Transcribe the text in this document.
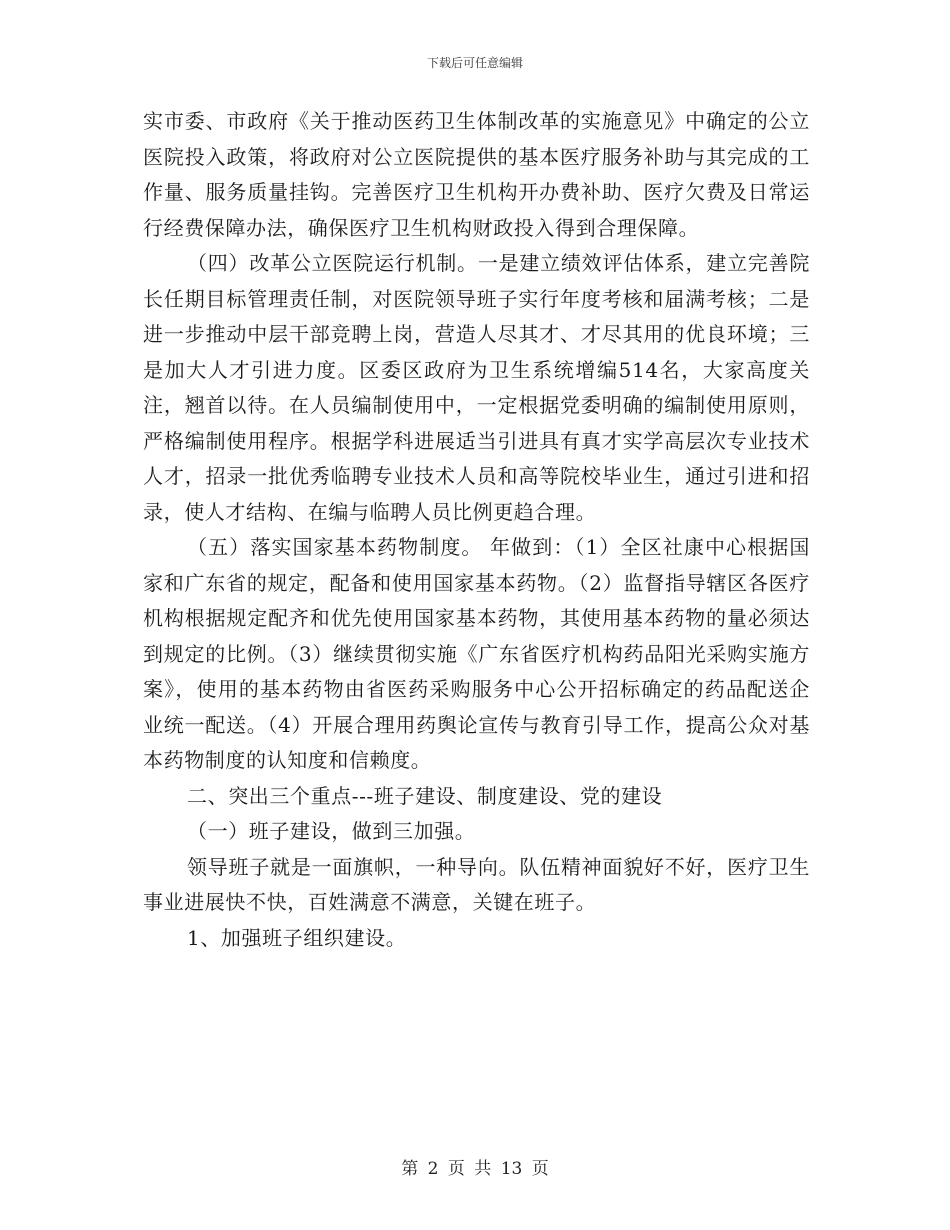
下载后可任意编辑

实市委、市政府《关于推动医药卫生体制改革的实施意见》中确定的公立医院投入政策，将政府对公立医院提供的基本医疗服务补助与其完成的工作量、服务质量挂钩。完善医疗卫生机构开办费补助、医疗欠费及日常运行经费保障办法，确保医疗卫生机构财政投入得到合理保障。

（四）改革公立医院运行机制。一是建立绩效评估体系，建立完善院长任期目标管理责任制，对医院领导班子实行年度考核和届满考核；二是进一步推动中层干部竞聘上岗，营造人尽其才、才尽其用的优良环境；三是加大人才引进力度。区委区政府为卫生系统增编514名，大家高度关注，翘首以待。在人员编制使用中，一定根据党委明确的编制使用原则，严格编制使用程序。根据学科进展适当引进具有真才实学高层次专业技术人才，招录一批优秀临聘专业技术人员和高等院校毕业生，通过引进和招录，使人才结构、在编与临聘人员比例更趋合理。

（五）落实国家基本药物制度。 年做到：（1）全区社康中心根据国家和广东省的规定，配备和使用国家基本药物。（2）监督指导辖区各医疗机构根据规定配齐和优先使用国家基本药物，其使用基本药物的量必须达到规定的比例。（3）继续贯彻实施《广东省医疗机构药品阳光采购实施方案》，使用的基本药物由省医药采购服务中心公开招标确定的药品配送企业统一配送。（4）开展合理用药舆论宣传与教育引导工作，提高公众对基本药物制度的认知度和信赖度。

二、突出三个重点---班子建设、制度建设、党的建设

（一）班子建设，做到三加强。

领导班子就是一面旗帜，一种导向。队伍精神面貌好不好，医疗卫生事业进展快不快，百姓满意不满意，关键在班子。

1、加强班子组织建设。

第 2 页 共 13 页
